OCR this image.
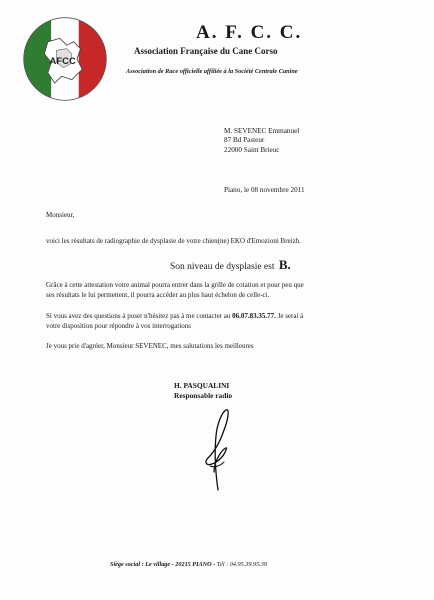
AFCC
A. F. C. C.
Association Française du Cane Corso
Association de Race officielle affiliée à la Société Centrale Canine
M. SEVENEC Emmanuel
87 Bd Pasteur
22000 Saint Brieuc
Piano, le 08 novembre 2011
Monsieur,
voici les résultats de radiographie de dysplasie de votre chien(ne) EKO d'Emozioni Breizh.
Son niveau de dysplasie est B.
Grâce à cette attestation votre animal pourra entrer dans la grille de cotation et pour peu que
ses résultats le lui permettent, il pourra accéder au plus haut échelon de celle-ci.
Si vous avez des questions à poser n'hésitez pas à me contacter au 06.07.83.35.77. Je serai à
votre disposition pour répondre à vos interrogations
Je vous prie d'agréer, Monsieur SEVENEC, mes salutations les meilleures
H. PASQUALINI
Responsable radio
Siège social : Le village - 20215 PIANO - Tél : 04.95.39.95.39
